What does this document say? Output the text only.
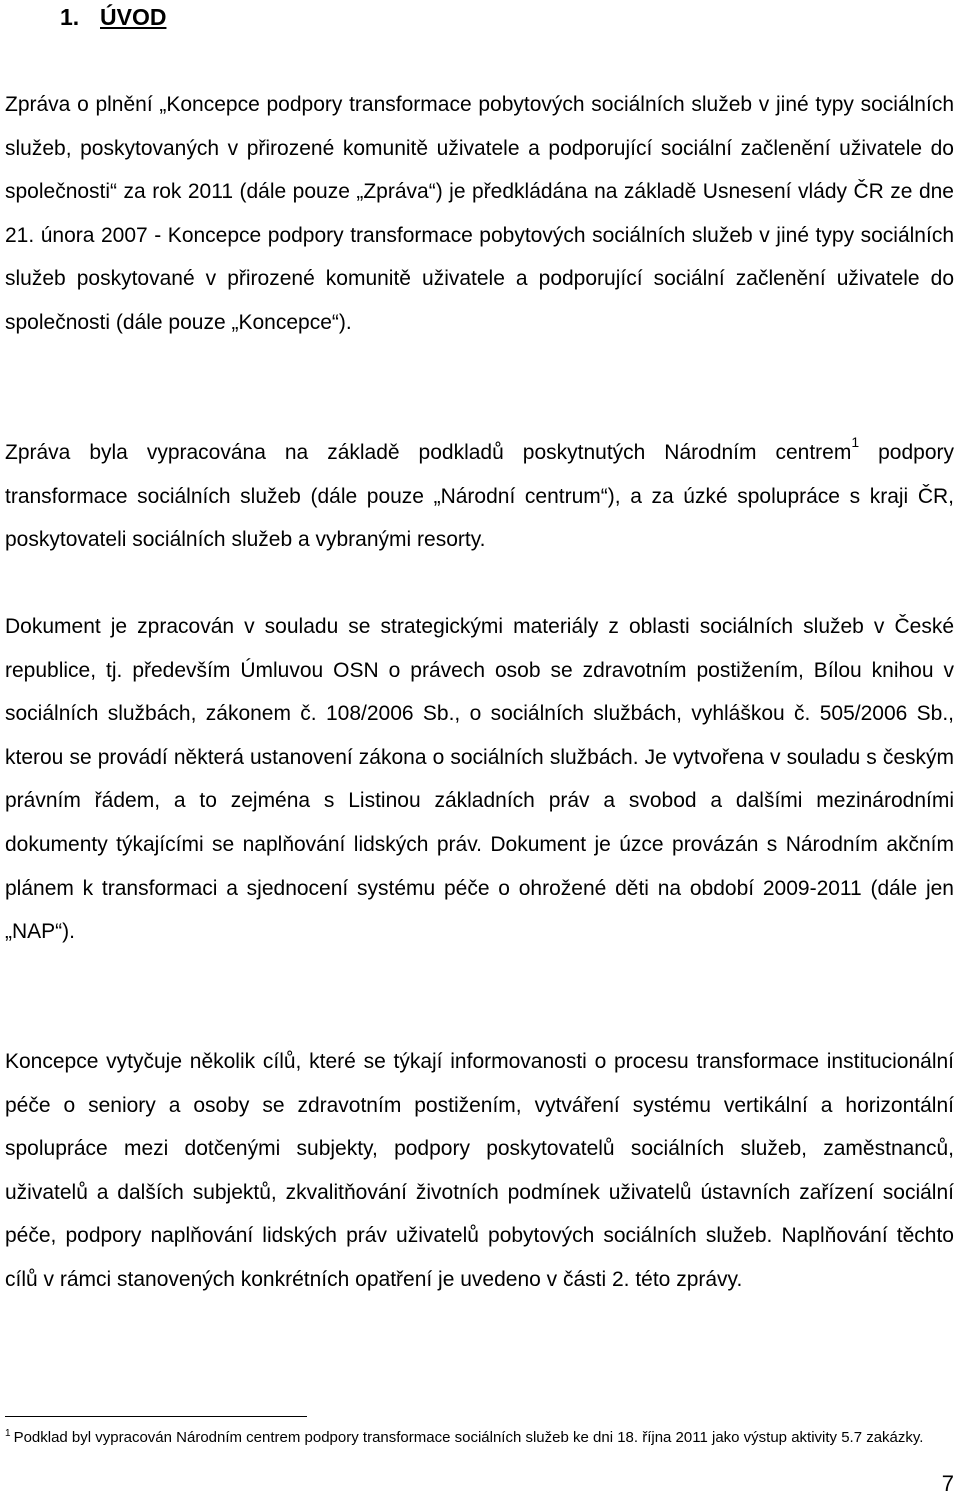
1. ÚVOD

Zpráva o plnění „Koncepce podpory transformace pobytových sociálních služeb v jiné typy sociálních služeb, poskytovaných v přirozené komunitě uživatele a podporující sociální začlenění uživatele do společnosti“ za rok 2011 (dále pouze „Zpráva“) je předkládána na základě Usnesení vlády ČR ze dne 21. února 2007 - Koncepce podpory transformace pobytových sociálních služeb v jiné typy sociálních služeb poskytované v přirozené komunitě uživatele a podporující sociální začlenění uživatele do společnosti (dále pouze „Koncepce“).

Zpráva byla vypracována na základě podkladů poskytnutých Národním centrem$^1$ podpory transformace sociálních služeb (dále pouze „Národní centrum“), a za úzké spolupráce s kraji ČR, poskytovateli sociálních služeb a vybranými resorty.

Dokument je zpracován v souladu se strategickými materiály z oblasti sociálních služeb v České republice, tj. především Úmluvou OSN o právech osob se zdravotním postižením, Bílou knihou v sociálních službách, zákonem č. 108/2006 Sb., o sociálních službách, vyhláškou č. 505/2006 Sb., kterou se provádí některá ustanovení zákona o sociálních službách. Je vytvořena v souladu s českým právním řádem, a to zejména s Listinou základních práv a svobod a dalšími mezinárodními dokumenty týkajícími se naplňování lidských práv. Dokument je úzce provázán s Národním akčním plánem k transformaci a sjednocení systému péče o ohrožené děti na období 2009-2011 (dále jen „NAP“).

Koncepce vytyčuje několik cílů, které se týkají informovanosti o procesu transformace institucionální péče o seniory a osoby se zdravotním postižením, vytváření systému vertikální a horizontální spolupráce mezi dotčenými subjekty, podpory poskytovatelů sociálních služeb, zaměstnanců, uživatelů a dalších subjektů, zkvalitňování životních podmínek uživatelů ústavních zařízení sociální péče, podpory naplňování lidských práv uživatelů pobytových sociálních služeb. Naplňování těchto cílů v rámci stanovených konkrétních opatření je uvedeno v části 2. této zprávy.

$^1$ Podklad byl vypracován Národním centrem podpory transformace sociálních služeb ke dni 18. října 2011 jako výstup aktivity 5.7 zakázky.

7
